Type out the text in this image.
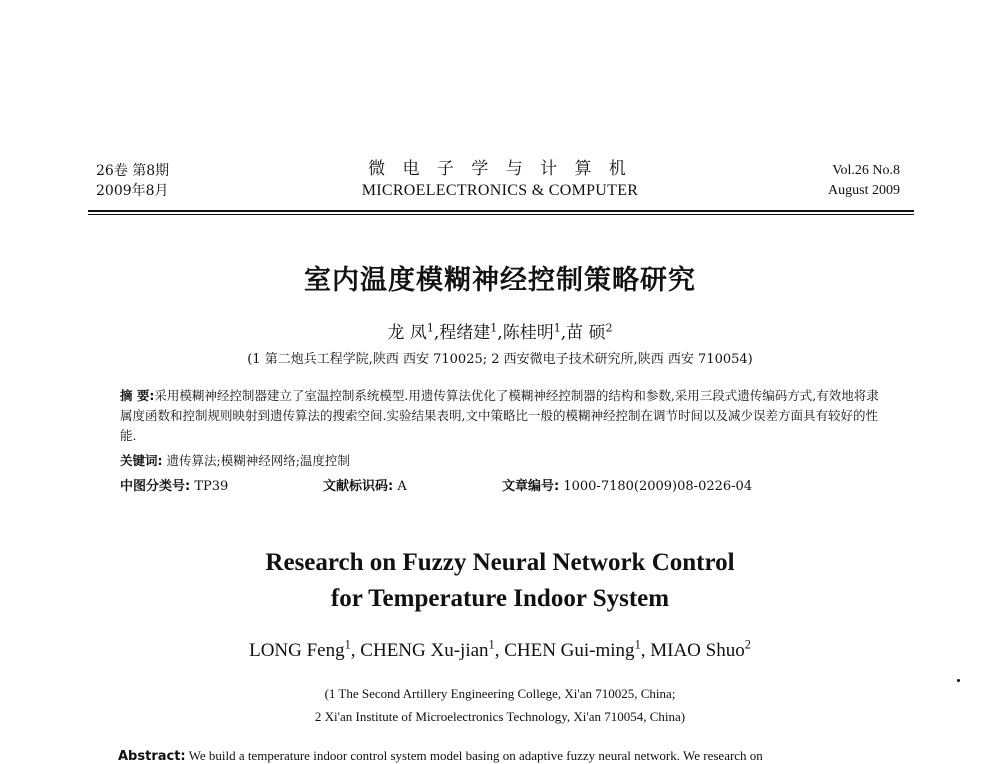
26卷 第8期
2009年8月
微 电 子 学 与 计 算 机
MICROELECTRONICS & COMPUTER
Vol.26 No.8
August 2009
室内温度模糊神经控制策略研究
龙 凤$^1$,程绪建$^1$,陈桂明$^1$,苗 硕$^2$
(1 第二炮兵工程学院,陕西 西安 710025; 2 西安微电子技术研究所,陕西 西安 710054)
摘 要:采用模糊神经控制器建立了室温控制系统模型.用遗传算法优化了模糊神经控制器的结构和参数,采用三段式遗传编码方式,有效地将隶属度函数和控制规则映射到遗传算法的搜索空间.实验结果表明,文中策略比一般的模糊神经控制在调节时间以及减少误差方面具有较好的性能.
关键词: 遗传算法;模糊神经网络;温度控制
中图分类号: TP39	文献标识码: A	文章编号: 1000-7180(2009)08-0226-04
Research on Fuzzy Neural Network Control
for Temperature Indoor System
LONG Feng$^1$, CHENG Xu-jian$^1$, CHEN Gui-ming$^1$, MIAO Shuo$^2$
(1 The Second Artillery Engineering College, Xi'an 710025, China;
2 Xi'an Institute of Microelectronics Technology, Xi'an 710054, China)
Abstract: We build a temperature indoor control system model basing on adaptive fuzzy neural network. We research on
